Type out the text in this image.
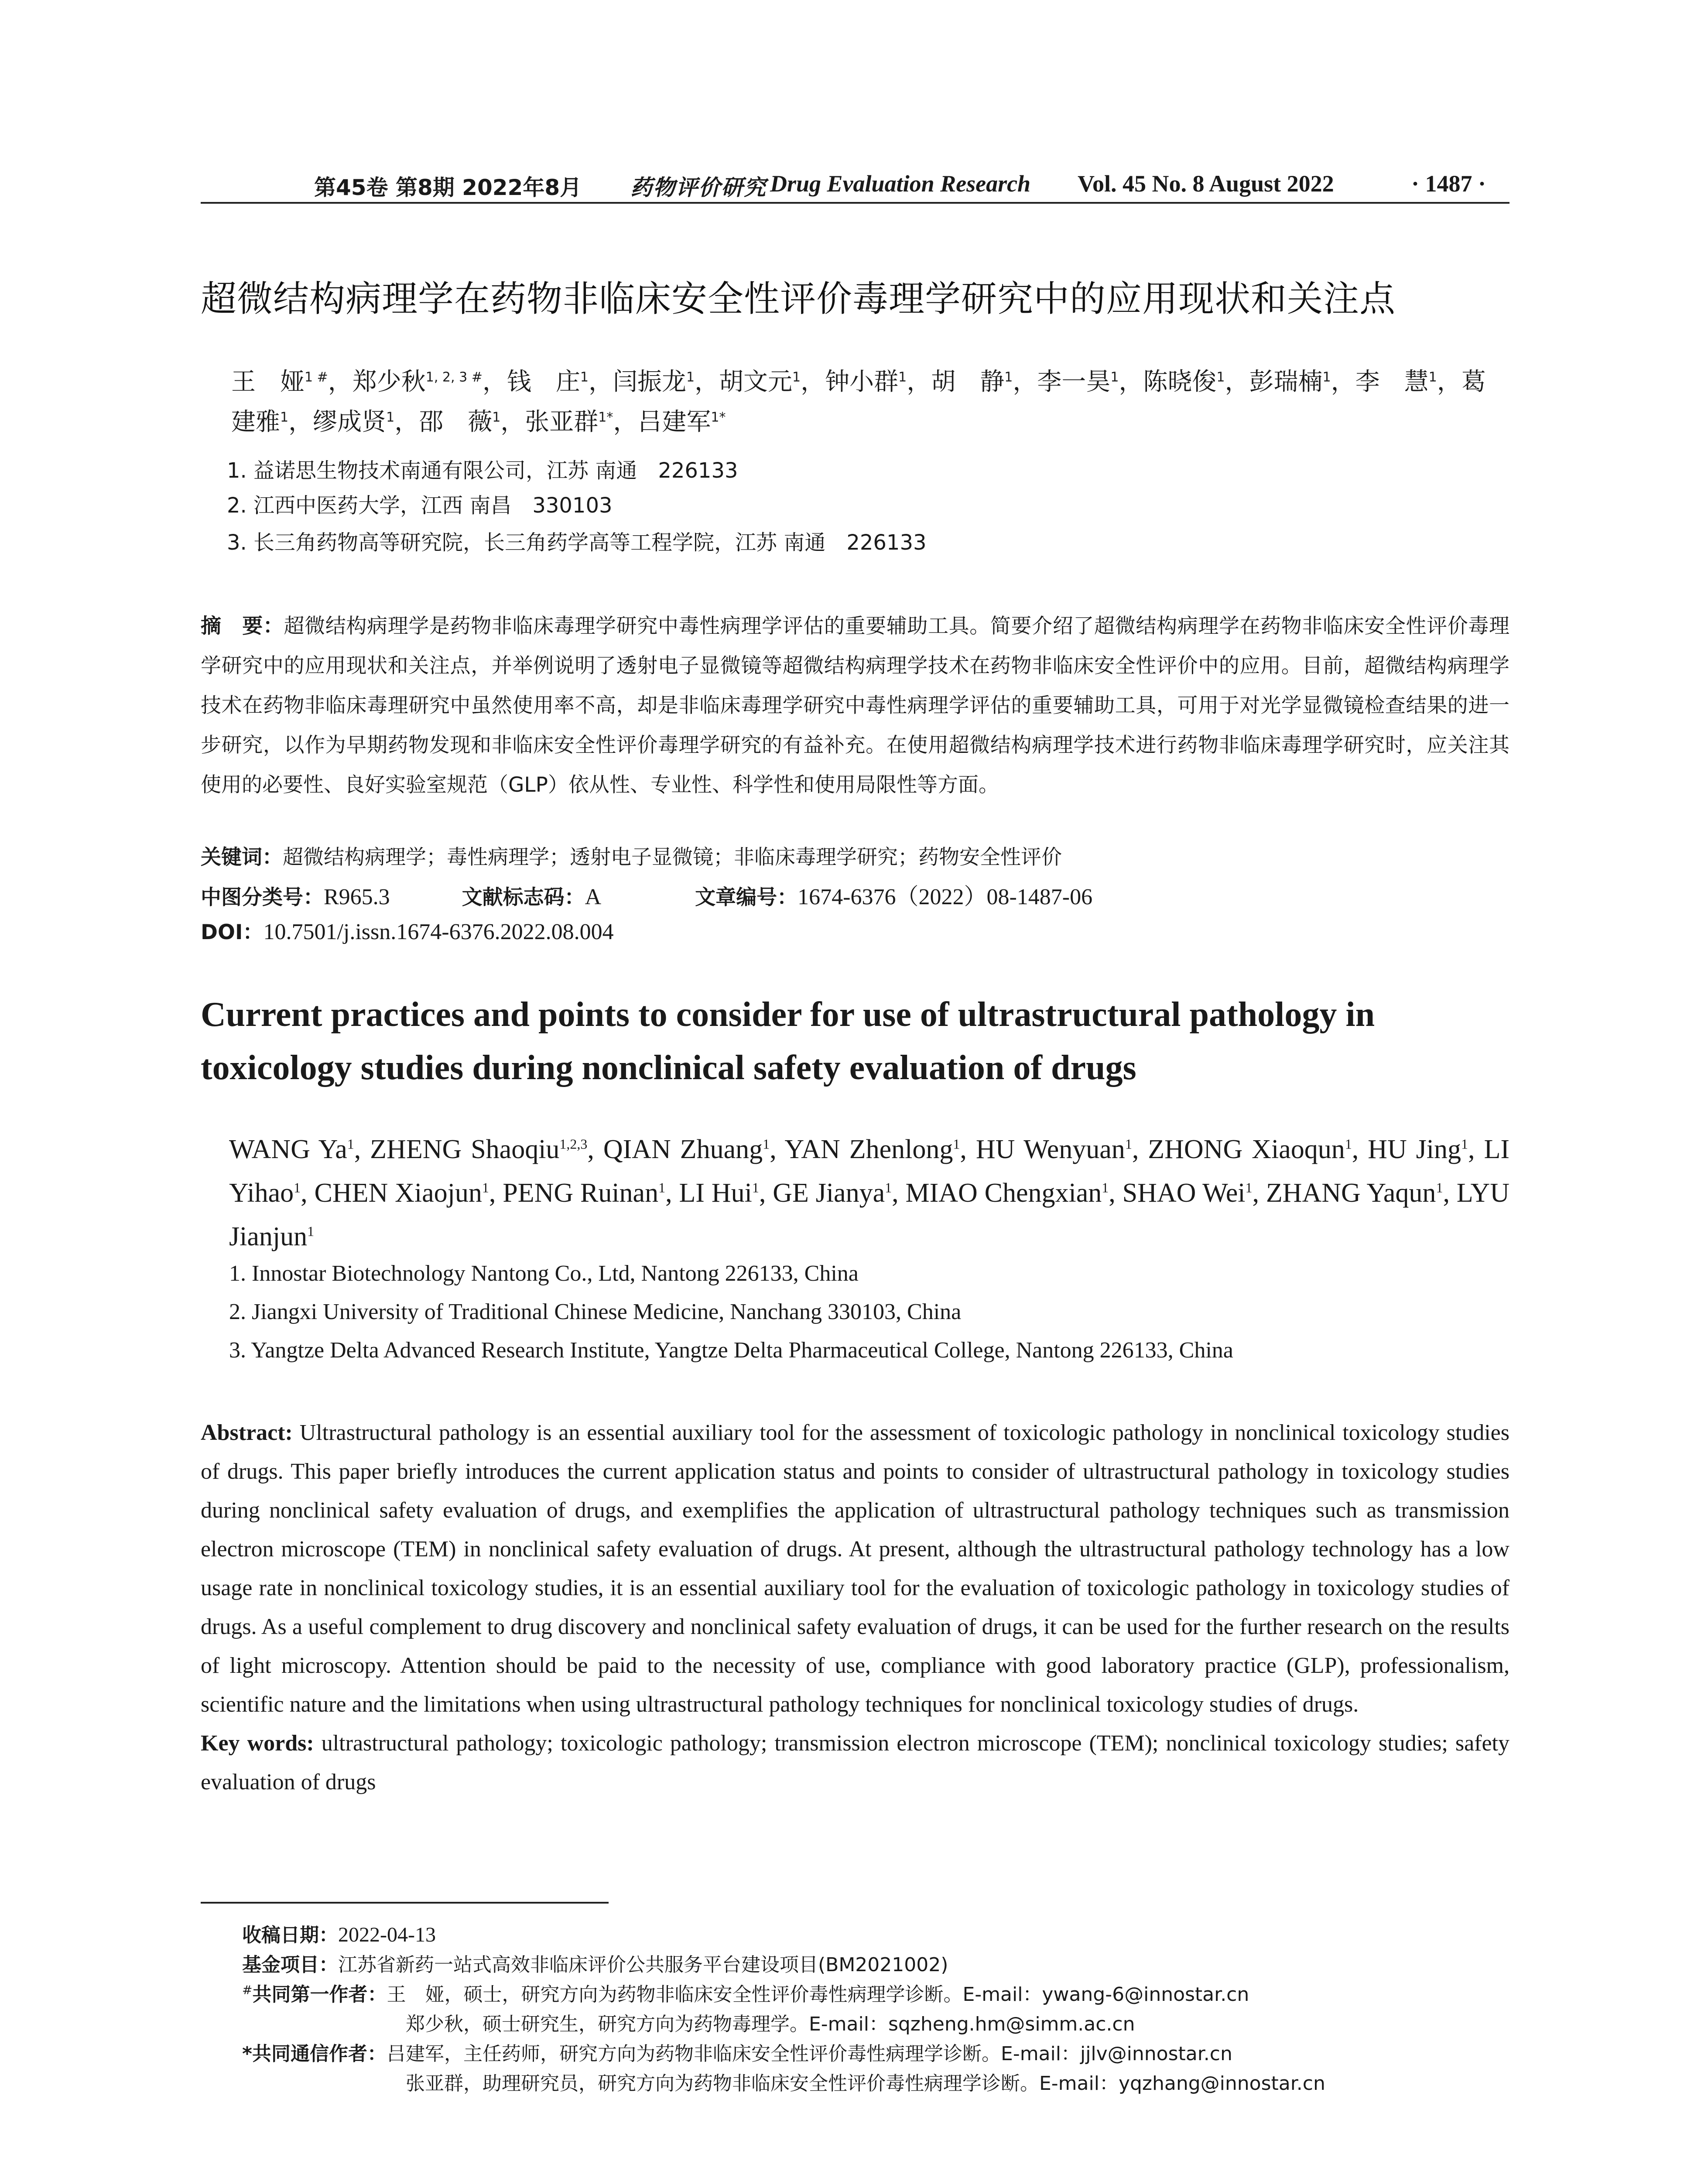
第45卷 第8期 2022年8月 药物评价研究 Drug Evaluation Research Vol. 45 No. 8 August 2022	· 1487 ·
超微结构病理学在药物非临床安全性评价毒理学研究中的应用现状和关注点
王　娅$^{1 \#}$，郑少秋$^{1, 2, 3 \#}$，钱　庄$^1$，闫振龙$^1$，胡文元$^1$，钟小群$^1$，胡　静$^1$，李一昊$^1$，陈晓俊$^1$，彭瑞楠$^1$，李　慧$^1$，葛建雅$^1$，缪成贤$^1$，邵　薇$^1$，张亚群$^{1*}$，吕建军$^{1*}$
1. 益诺思生物技术南通有限公司，江苏 南通　226133
2. 江西中医药大学，江西 南昌　330103
3. 长三角药物高等研究院，长三角药学高等工程学院，江苏 南通　226133
摘　要：超微结构病理学是药物非临床毒理学研究中毒性病理学评估的重要辅助工具。简要介绍了超微结构病理学在药物非临床安全性评价毒理学研究中的应用现状和关注点，并举例说明了透射电子显微镜等超微结构病理学技术在药物非临床安全性评价中的应用。目前，超微结构病理学技术在药物非临床毒理研究中虽然使用率不高，却是非临床毒理学研究中毒性病理学评估的重要辅助工具，可用于对光学显微镜检查结果的进一步研究，以作为早期药物发现和非临床安全性评价毒理学研究的有益补充。在使用超微结构病理学技术进行药物非临床毒理学研究时，应关注其使用的必要性、良好实验室规范（GLP）依从性、专业性、科学性和使用局限性等方面。
关键词：超微结构病理学；毒性病理学；透射电子显微镜；非临床毒理学研究；药物安全性评价
中图分类号：R965.3	文献标志码：A	文章编号：1674-6376（2022）08-1487-06
DOI：10.7501/j.issn.1674-6376.2022.08.004
Current practices and points to consider for use of ultrastructural pathology in toxicology studies during nonclinical safety evaluation of drugs
WANG Ya$^1$, ZHENG Shaoqiu$^{1,2,3}$, QIAN Zhuang$^1$, YAN Zhenlong$^1$, HU Wenyuan$^1$, ZHONG Xiaoqun$^1$, HU Jing$^1$, LI Yihao$^1$, CHEN Xiaojun$^1$, PENG Ruinan$^1$, LI Hui$^1$, GE Jianya$^1$, MIAO Chengxian$^1$, SHAO Wei$^1$, ZHANG Yaqun$^1$, LYU Jianjun$^1$
1. Innostar Biotechnology Nantong Co., Ltd, Nantong 226133, China
2. Jiangxi University of Traditional Chinese Medicine, Nanchang 330103, China
3. Yangtze Delta Advanced Research Institute, Yangtze Delta Pharmaceutical College, Nantong 226133, China
Abstract: Ultrastructural pathology is an essential auxiliary tool for the assessment of toxicologic pathology in nonclinical toxicology studies of drugs. This paper briefly introduces the current application status and points to consider of ultrastructural pathology in toxicology studies during nonclinical safety evaluation of drugs, and exemplifies the application of ultrastructural pathology techniques such as transmission electron microscope (TEM) in nonclinical safety evaluation of drugs. At present, although the ultrastructural pathology technology has a low usage rate in nonclinical toxicology studies, it is an essential auxiliary tool for the evaluation of toxicologic pathology in toxicology studies of drugs. As a useful complement to drug discovery and nonclinical safety evaluation of drugs, it can be used for the further research on the results of light microscopy. Attention should be paid to the necessity of use, compliance with good laboratory practice (GLP), professionalism, scientific nature and the limitations when using ultrastructural pathology techniques for nonclinical toxicology studies of drugs.
Key words: ultrastructural pathology; toxicologic pathology; transmission electron microscope (TEM); nonclinical toxicology studies; safety evaluation of drugs
收稿日期：2022-04-13
基金项目：江苏省新药一站式高效非临床评价公共服务平台建设项目(BM2021002)
#共同第一作者：王　娅，硕士，研究方向为药物非临床安全性评价毒性病理学诊断。E-mail：ywang-6@innostar.cn
郑少秋，硕士研究生，研究方向为药物毒理学。E-mail：sqzheng.hm@simm.ac.cn
*共同通信作者：吕建军，主任药师，研究方向为药物非临床安全性评价毒性病理学诊断。E-mail：jjlv@innostar.cn
张亚群，助理研究员，研究方向为药物非临床安全性评价毒性病理学诊断。E-mail：yqzhang@innostar.cn
